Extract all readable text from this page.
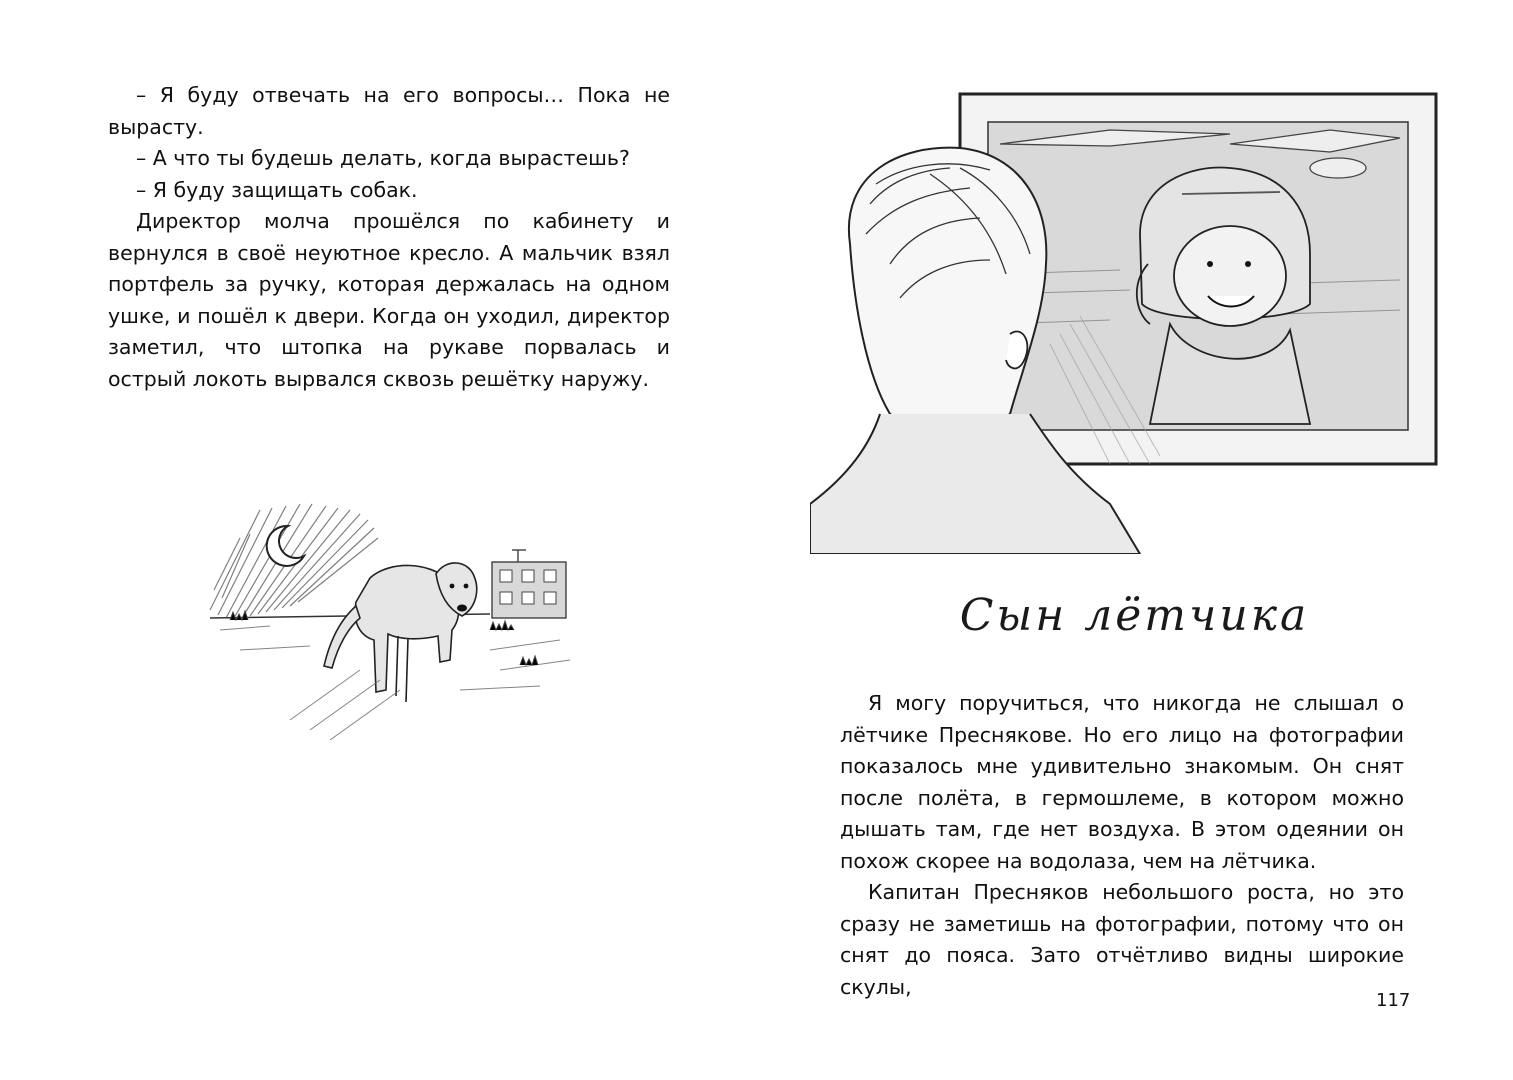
– Я буду отвечать на его вопросы… Пока не вырасту.

– А что ты будешь делать, когда вырастешь?

– Я буду защищать собак.

Директор молча прошёлся по кабинету и вернулся в своё неуютное кресло. А мальчик взял портфель за ручку, которая держалась на одном ушке, и пошёл к двери. Когда он уходил, директор заметил, что штопка на рукаве порвалась и острый локоть вырвался сквозь решётку наружу.

Сын лётчика

Я могу поручиться, что никогда не слышал о лётчике Преснякове. Но его лицо на фотографии показалось мне удивительно знакомым. Он снят после полёта, в гермошлеме, в котором можно дышать там, где нет воздуха. В этом одеянии он похож скорее на водолаза, чем на лётчика.

Капитан Пресняков небольшого роста, но это сразу не заметишь на фотографии, потому что он снят до пояса. Зато отчётливо видны широкие скулы,

117
